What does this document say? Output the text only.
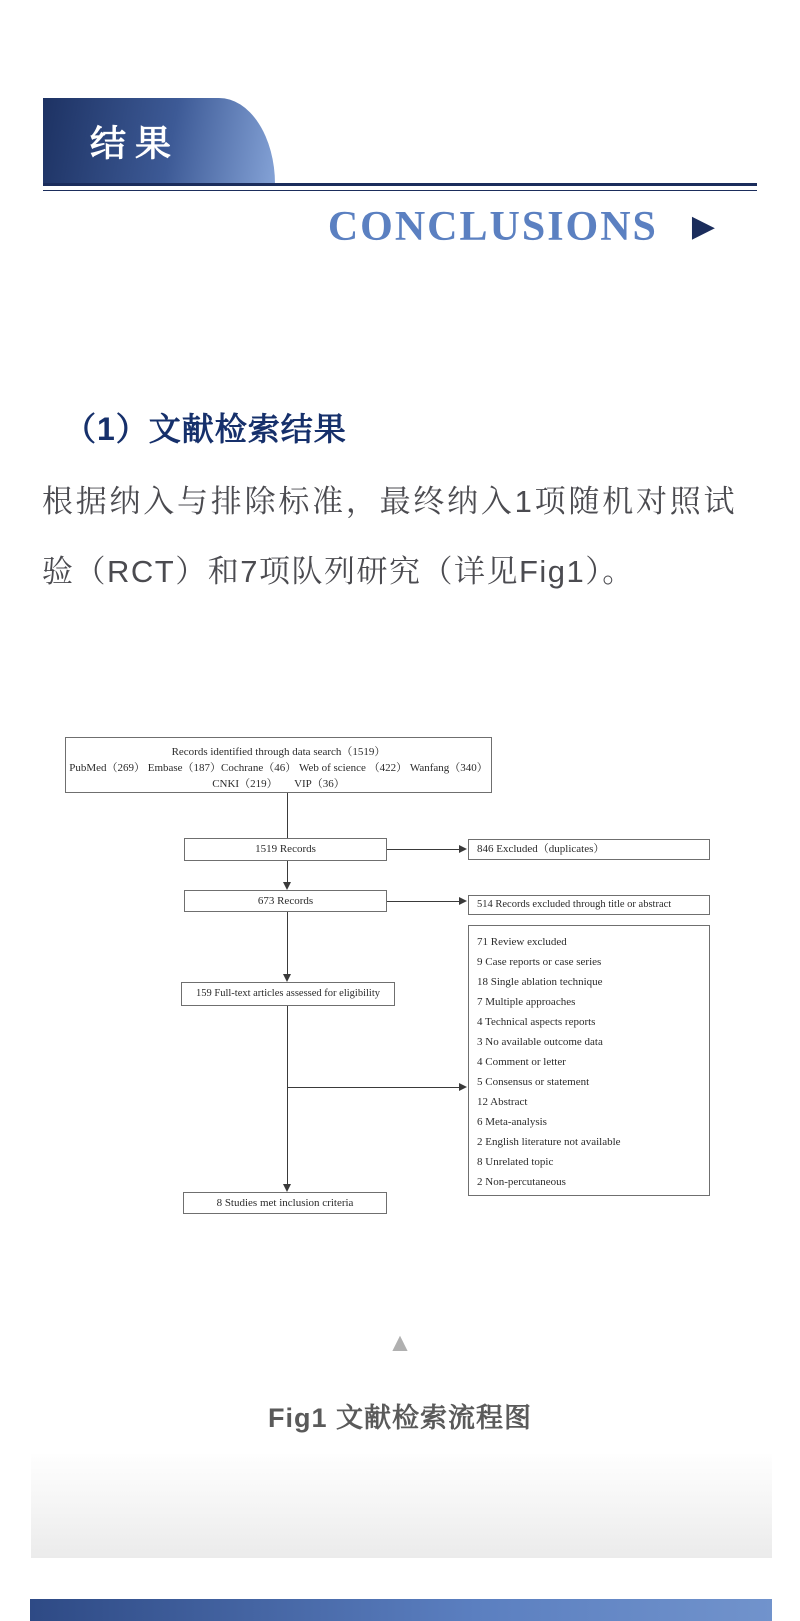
结果
CONCLUSIONS ▶
（1）文献检索结果
根据纳入与排除标准，最终纳入1项随机对照试验（RCT）和7项队列研究（详见Fig1）。
Records identified through data search（1519）
PubMed（269） Embase（187）Cochrane（46） Web of science （422） Wanfang（340）
CNKI（219）　　VIP（36）
1519 Records	846 Excluded（duplicates）
673 Records	514 Records excluded through title or abstract
159 Full-text articles assessed for eligibility
71 Review excluded
9 Case reports or case series
18 Single ablation technique
7 Multiple approaches
4 Technical aspects reports
3 No available outcome data
4 Comment or letter
5 Consensus or statement
12 Abstract
6 Meta-analysis
2 English literature not available
8 Unrelated topic
2 Non-percutaneous
8 Studies met inclusion criteria
▲
Fig1 文献检索流程图
